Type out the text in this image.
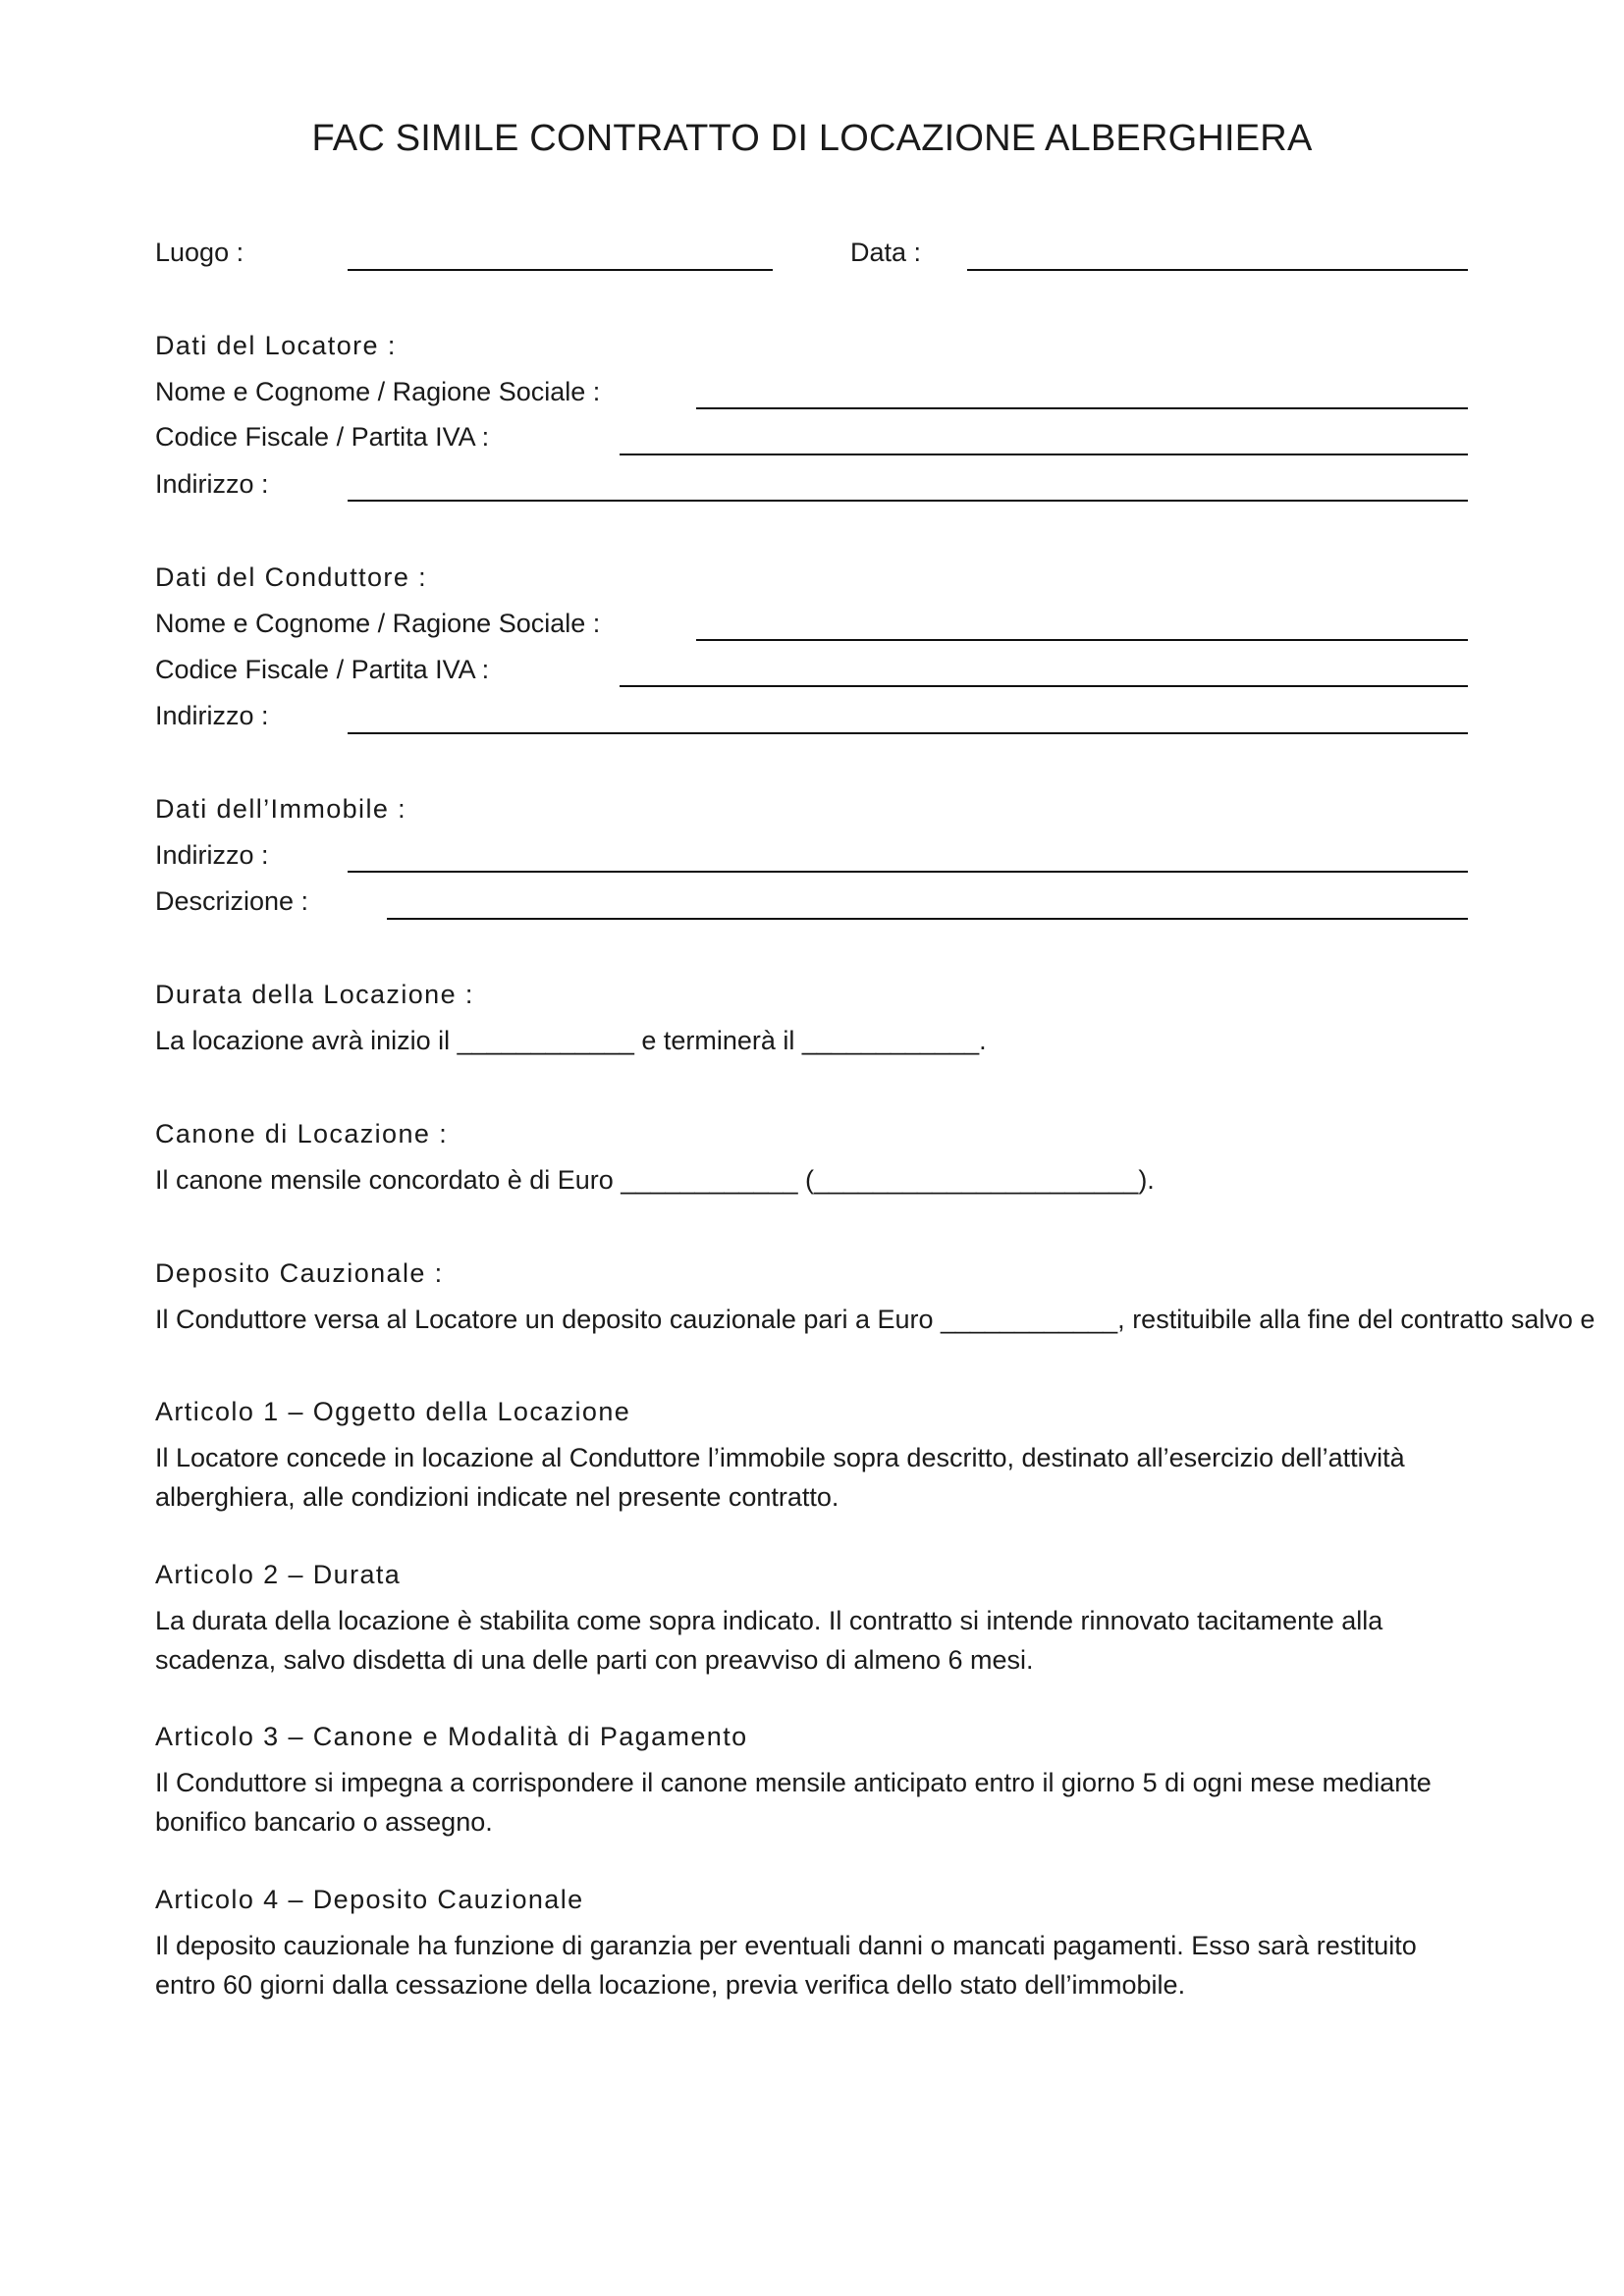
FAC SIMILE CONTRATTO DI LOCAZIONE ALBERGHIERA

Luogo :	Data :

Dati del Locatore :

Nome e Cognome / Ragione Sociale :

Codice Fiscale / Partita IVA :

Indirizzo :

Dati del Conduttore :

Nome e Cognome / Ragione Sociale :

Codice Fiscale / Partita IVA :

Indirizzo :

Dati dell’Immobile :

Indirizzo :

Descrizione :

Durata della Locazione :

La locazione avrà inizio il ____________ e terminerà il ____________.

Canone di Locazione :

Il canone mensile concordato è di Euro ____________ (______________________).

Deposito Cauzionale :

Il Conduttore versa al Locatore un deposito cauzionale pari a Euro ____________, restituibile alla fine del contratto salvo e

Articolo 1 – Oggetto della Locazione

Il Locatore concede in locazione al Conduttore l’immobile sopra descritto, destinato all’esercizio dell’attività alberghiera, alle condizioni indicate nel presente contratto.

Articolo 2 – Durata

La durata della locazione è stabilita come sopra indicato. Il contratto si intende rinnovato tacitamente alla scadenza, salvo disdetta di una delle parti con preavviso di almeno 6 mesi.

Articolo 3 – Canone e Modalità di Pagamento

Il Conduttore si impegna a corrispondere il canone mensile anticipato entro il giorno 5 di ogni mese mediante bonifico bancario o assegno.

Articolo 4 – Deposito Cauzionale

Il deposito cauzionale ha funzione di garanzia per eventuali danni o mancati pagamenti. Esso sarà restituito entro 60 giorni dalla cessazione della locazione, previa verifica dello stato dell’immobile.
